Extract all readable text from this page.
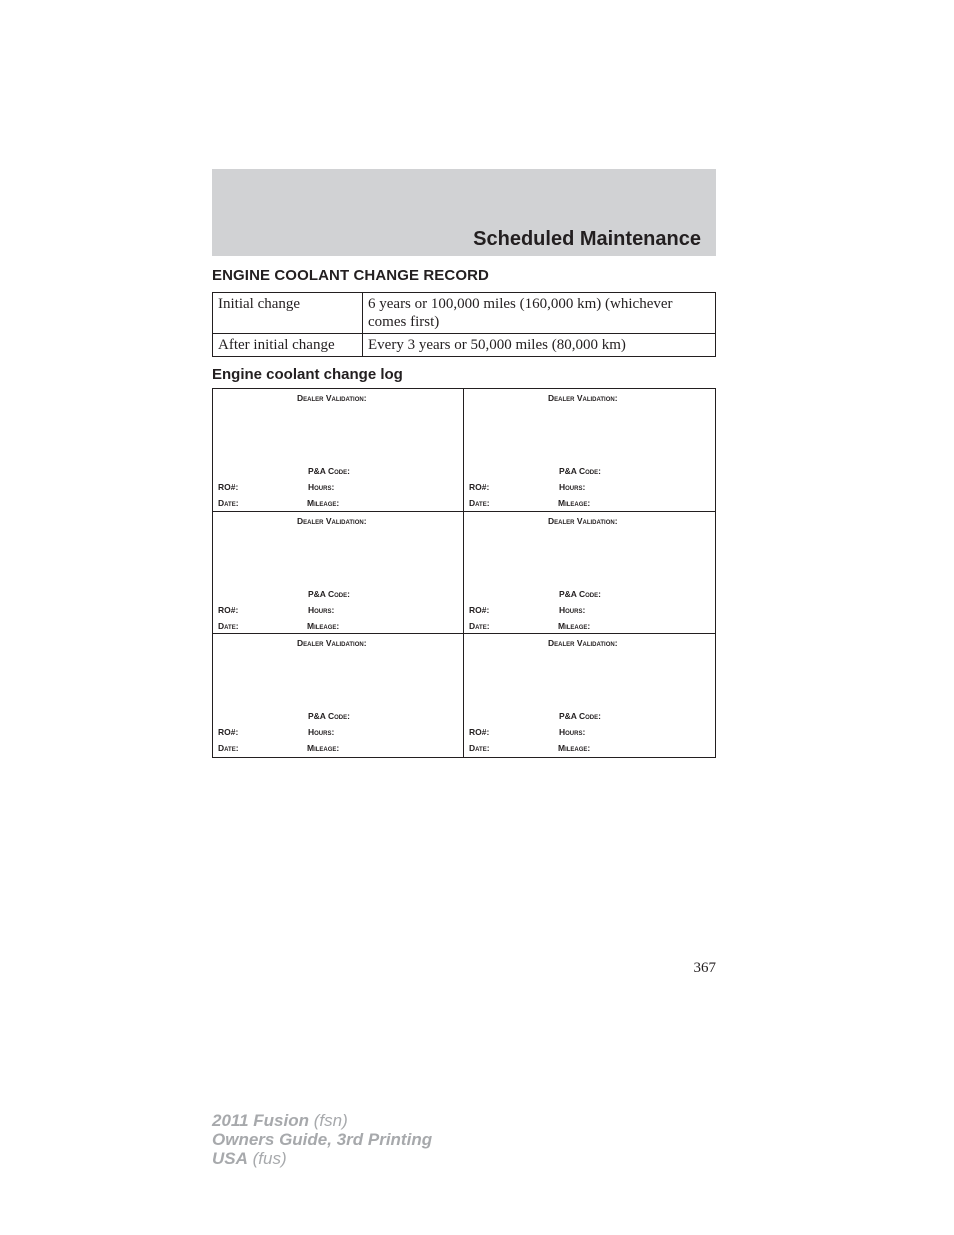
Scheduled Maintenance
ENGINE COOLANT CHANGE RECORD
Initial change	6 years or 100,000 miles (160,000 km) (whichever comes first)
After initial change	Every 3 years or 50,000 miles (80,000 km)
Engine coolant change log
Dealer Validation:
P&A Code:
RO#:	Hours:
Date:	Mileage:
Dealer Validation:
P&A Code:
RO#:	Hours:
Date:	Mileage:
Dealer Validation:
P&A Code:
RO#:	Hours:
Date:	Mileage:
Dealer Validation:
P&A Code:
RO#:	Hours:
Date:	Mileage:
Dealer Validation:
P&A Code:
RO#:	Hours:
Date:	Mileage:
Dealer Validation:
P&A Code:
RO#:	Hours:
Date:	Mileage:
367
2011 Fusion (fsn)
Owners Guide, 3rd Printing
USA (fus)
